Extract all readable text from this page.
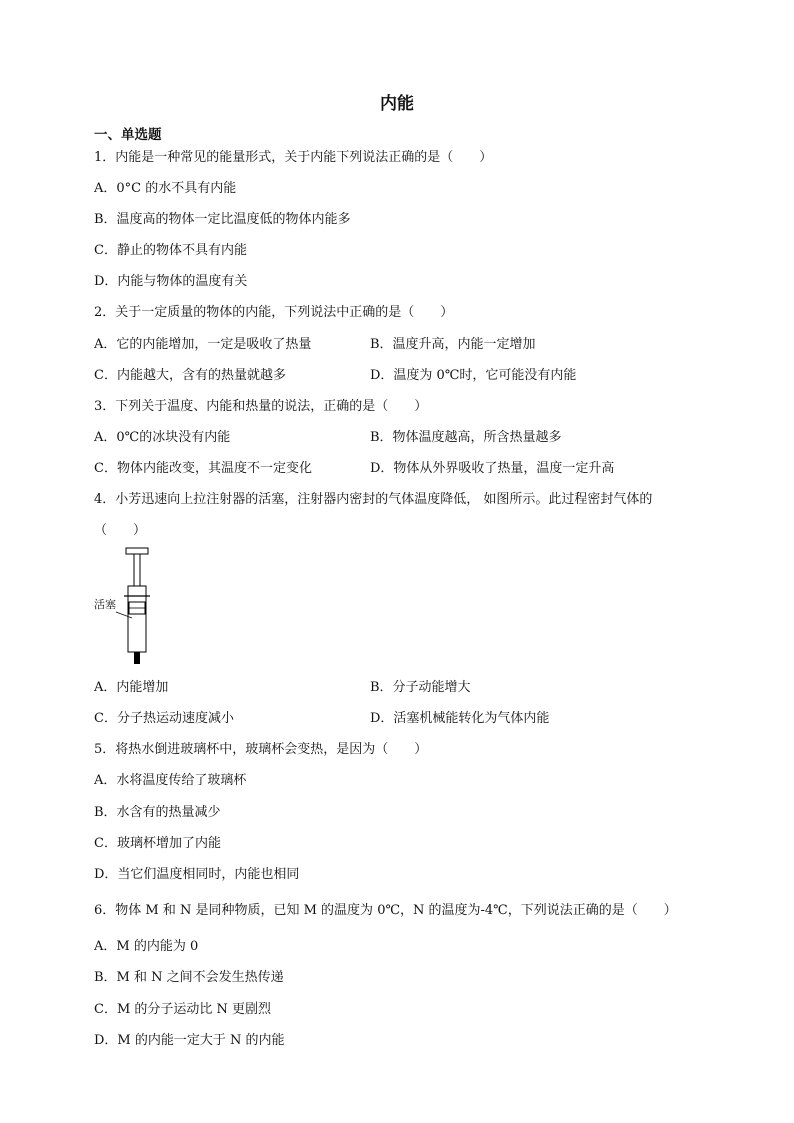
内能
一、单选题
1．内能是一种常见的能量形式，关于内能下列说法正确的是（　　）
A．0°C 的水不具有内能
B．温度高的物体一定比温度低的物体内能多
C．静止的物体不具有内能
D．内能与物体的温度有关
2．关于一定质量的物体的内能，下列说法中正确的是（　　）
A．它的内能增加，一定是吸收了热量	B．温度升高，内能一定增加
C．内能越大，含有的热量就越多	D．温度为 0℃时，它可能没有内能
3．下列关于温度、内能和热量的说法，正确的是（　　）
A．0℃的冰块没有内能	B．物体温度越高，所含热量越多
C．物体内能改变，其温度不一定变化	D．物体从外界吸收了热量，温度一定升高
4．小芳迅速向上拉注射器的活塞，注射器内密封的气体温度降低， 如图所示。此过程密封气体的
（　　）
活塞
A．内能增加	B．分子动能增大
C．分子热运动速度减小	D．活塞机械能转化为气体内能
5．将热水倒进玻璃杯中，玻璃杯会变热，是因为（　　）
A．水将温度传给了玻璃杯
B．水含有的热量减少
C．玻璃杯增加了内能
D．当它们温度相同时，内能也相同
6．物体 M 和 N 是同种物质，已知 M 的温度为 0℃，N 的温度为-4℃，下列说法正确的是（　　）
A．M 的内能为 0
B．M 和 N 之间不会发生热传递
C．M 的分子运动比 N 更剧烈
D．M 的内能一定大于 N 的内能
